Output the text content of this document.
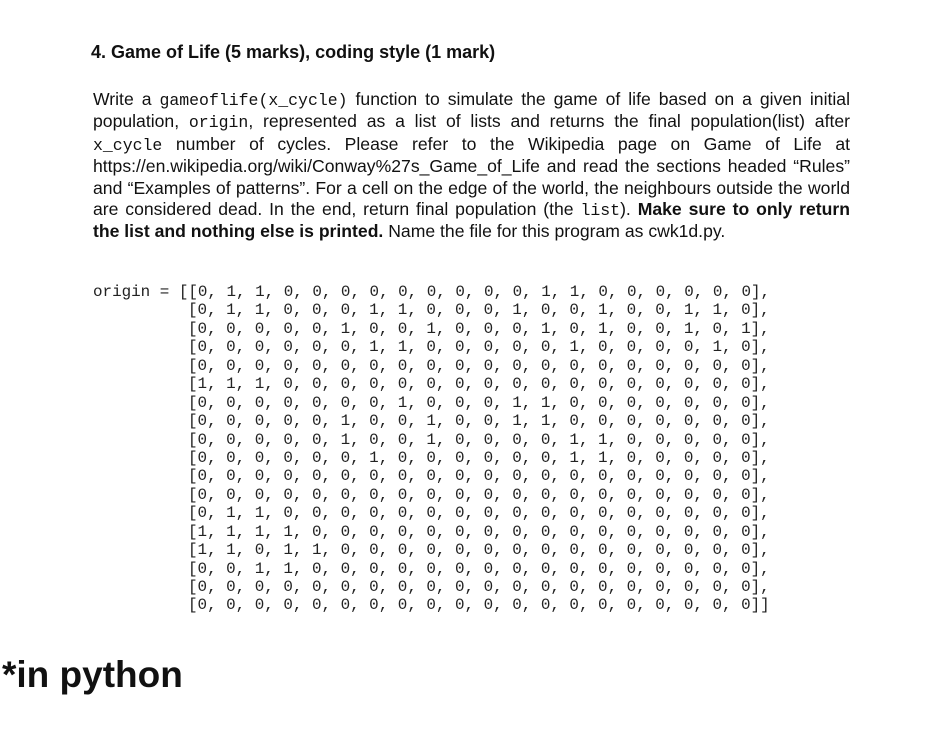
4. Game of Life (5 marks), coding style (1 mark)
Write a gameoflife(x_cycle) function to simulate the game of life based on a given initial population, origin, represented as a list of lists and returns the final population(list) after x_cycle number of cycles. Please refer to the Wikipedia page on Game of Life at https://en.wikipedia.org/wiki/Conway%27s_Game_of_Life and read the sections headed “Rules” and “Examples of patterns”. For a cell on the edge of the world, the neighbours outside the world are considered dead. In the end, return final population (the list). Make sure to only return the list and nothing else is printed. Name the file for this program as cwk1d.py.
origin = [[0, 1, 1, 0, 0, 0, 0, 0, 0, 0, 0, 0, 1, 1, 0, 0, 0, 0, 0, 0],
[0, 1, 1, 0, 0, 0, 1, 1, 0, 0, 0, 1, 0, 0, 1, 0, 0, 1, 1, 0],
[0, 0, 0, 0, 0, 1, 0, 0, 1, 0, 0, 0, 1, 0, 1, 0, 0, 1, 0, 1],
[0, 0, 0, 0, 0, 0, 1, 1, 0, 0, 0, 0, 0, 1, 0, 0, 0, 0, 1, 0],
[0, 0, 0, 0, 0, 0, 0, 0, 0, 0, 0, 0, 0, 0, 0, 0, 0, 0, 0, 0],
[1, 1, 1, 0, 0, 0, 0, 0, 0, 0, 0, 0, 0, 0, 0, 0, 0, 0, 0, 0],
[0, 0, 0, 0, 0, 0, 0, 1, 0, 0, 0, 1, 1, 0, 0, 0, 0, 0, 0, 0],
[0, 0, 0, 0, 0, 1, 0, 0, 1, 0, 0, 1, 1, 0, 0, 0, 0, 0, 0, 0],
[0, 0, 0, 0, 0, 1, 0, 0, 1, 0, 0, 0, 0, 1, 1, 0, 0, 0, 0, 0],
[0, 0, 0, 0, 0, 0, 1, 0, 0, 0, 0, 0, 0, 1, 1, 0, 0, 0, 0, 0],
[0, 0, 0, 0, 0, 0, 0, 0, 0, 0, 0, 0, 0, 0, 0, 0, 0, 0, 0, 0],
[0, 0, 0, 0, 0, 0, 0, 0, 0, 0, 0, 0, 0, 0, 0, 0, 0, 0, 0, 0],
[0, 1, 1, 0, 0, 0, 0, 0, 0, 0, 0, 0, 0, 0, 0, 0, 0, 0, 0, 0],
[1, 1, 1, 1, 0, 0, 0, 0, 0, 0, 0, 0, 0, 0, 0, 0, 0, 0, 0, 0],
[1, 1, 0, 1, 1, 0, 0, 0, 0, 0, 0, 0, 0, 0, 0, 0, 0, 0, 0, 0],
[0, 0, 1, 1, 0, 0, 0, 0, 0, 0, 0, 0, 0, 0, 0, 0, 0, 0, 0, 0],
[0, 0, 0, 0, 0, 0, 0, 0, 0, 0, 0, 0, 0, 0, 0, 0, 0, 0, 0, 0],
[0, 0, 0, 0, 0, 0, 0, 0, 0, 0, 0, 0, 0, 0, 0, 0, 0, 0, 0, 0]]
*in python
